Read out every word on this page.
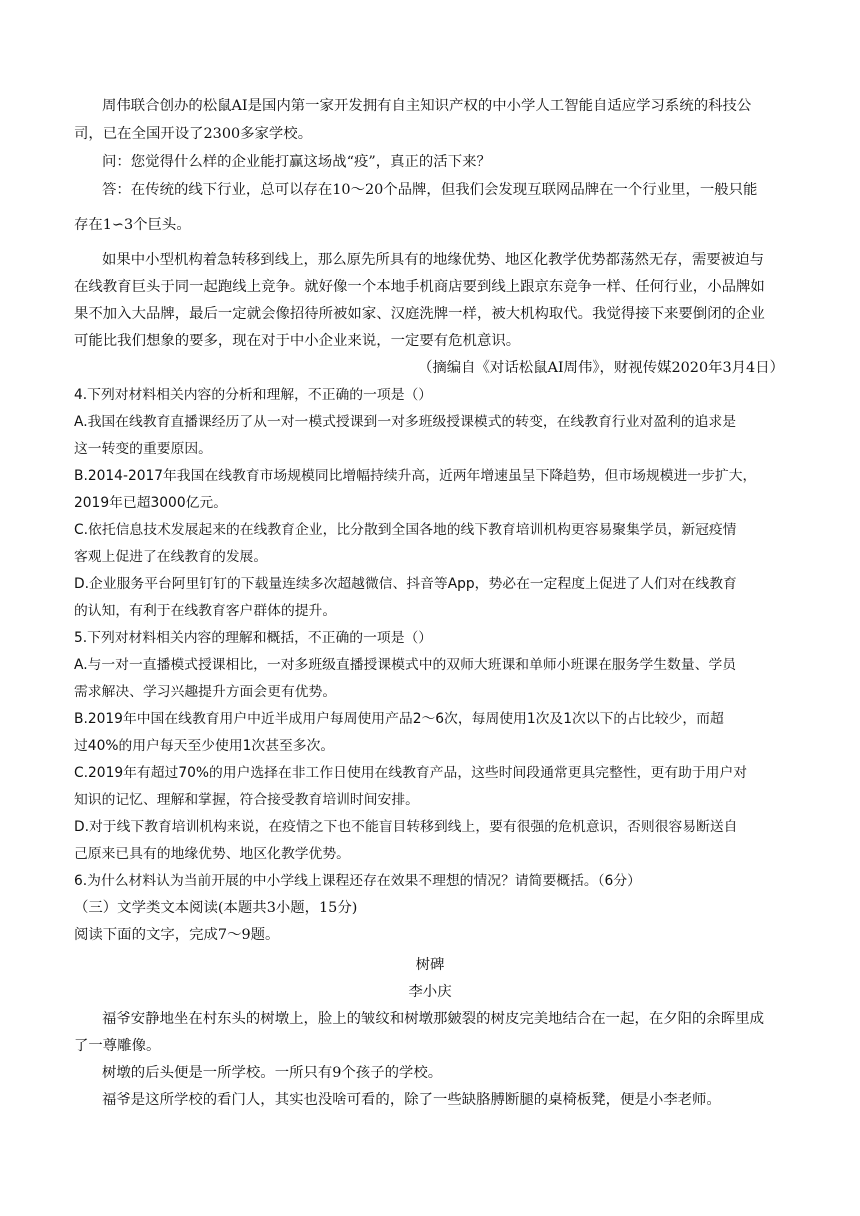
周伟联合创办的松鼠AI是国内第一家开发拥有自主知识产权的中小学人工智能自适应学习系统的科技公
司，已在全国开设了2300多家学校。
问：您觉得什么样的企业能打赢这场战“疫”，真正的活下来？
答：在传统的线下行业，总可以存在10～20个品牌，但我们会发现互联网品牌在一个行业里，一般只能
存在1∽3个巨头。
如果中小型机构着急转移到线上，那么原先所具有的地缘优势、地区化教学优势都荡然无存，需要被迫与
在线教育巨头于同一起跑线上竞争。就好像一个本地手机商店要到线上跟京东竞争一样、任何行业，小品牌如
果不加入大品牌，最后一定就会像招待所被如家、汉庭洗牌一样，被大机构取代。我觉得接下来要倒闭的企业
可能比我们想象的要多，现在对于中小企业来说，一定要有危机意识。
（摘编自《对话松鼠AI周伟》，财视传媒2020年3月4日）
4.下列对材料相关内容的分析和理解，不正确的一项是（）
A.我国在线教育直播课经历了从一对一模式授课到一对多班级授课模式的转变，在线教育行业对盈利的追求是
这一转变的重要原因。
B.2014-2017年我国在线教育市场规模同比增幅持续升高，近两年增速虽呈下降趋势，但市场规模进一步扩大，
2019年已超3000亿元。
C.依托信息技术发展起来的在线教育企业，比分散到全国各地的线下教育培训机构更容易聚集学员，新冠疫情
客观上促进了在线教育的发展。
D.企业服务平台阿里钉钉的下载量连续多次超越微信、抖音等App，势必在一定程度上促进了人们对在线教育
的认知，有利于在线教育客户群体的提升。
5.下列对材料相关内容的理解和概括，不正确的一项是（）
A.与一对一直播模式授课相比，一对多班级直播授课模式中的双师大班课和单师小班课在服务学生数量、学员
需求解决、学习兴趣提升方面会更有优势。
B.2019年中国在线教育用户中近半成用户每周使用产品2～6次，每周使用1次及1次以下的占比较少，而超
过40%的用户每天至少使用1次甚至多次。
C.2019年有超过70%的用户选择在非工作日使用在线教育产品，这些时间段通常更具完整性，更有助于用户对
知识的记忆、理解和掌握，符合接受教育培训时间安排。
D.对于线下教育培训机构来说，在疫情之下也不能盲目转移到线上，要有很强的危机意识，否则很容易断送自
己原来已具有的地缘优势、地区化教学优势。
6.为什么材料认为当前开展的中小学线上课程还存在效果不理想的情况？请简要概括。（6分）
（三）文学类文本阅读(本题共3小题，15分)
阅读下面的文字，完成7～9题。
树碑
李小庆
福爷安静地坐在村东头的树墩上，脸上的皱纹和树墩那皴裂的树皮完美地结合在一起，在夕阳的余晖里成
了一尊雕像。
树墩的后头便是一所学校。一所只有9个孩子的学校。
福爷是这所学校的看门人，其实也没啥可看的，除了一些缺胳膊断腿的桌椅板凳，便是小李老师。
